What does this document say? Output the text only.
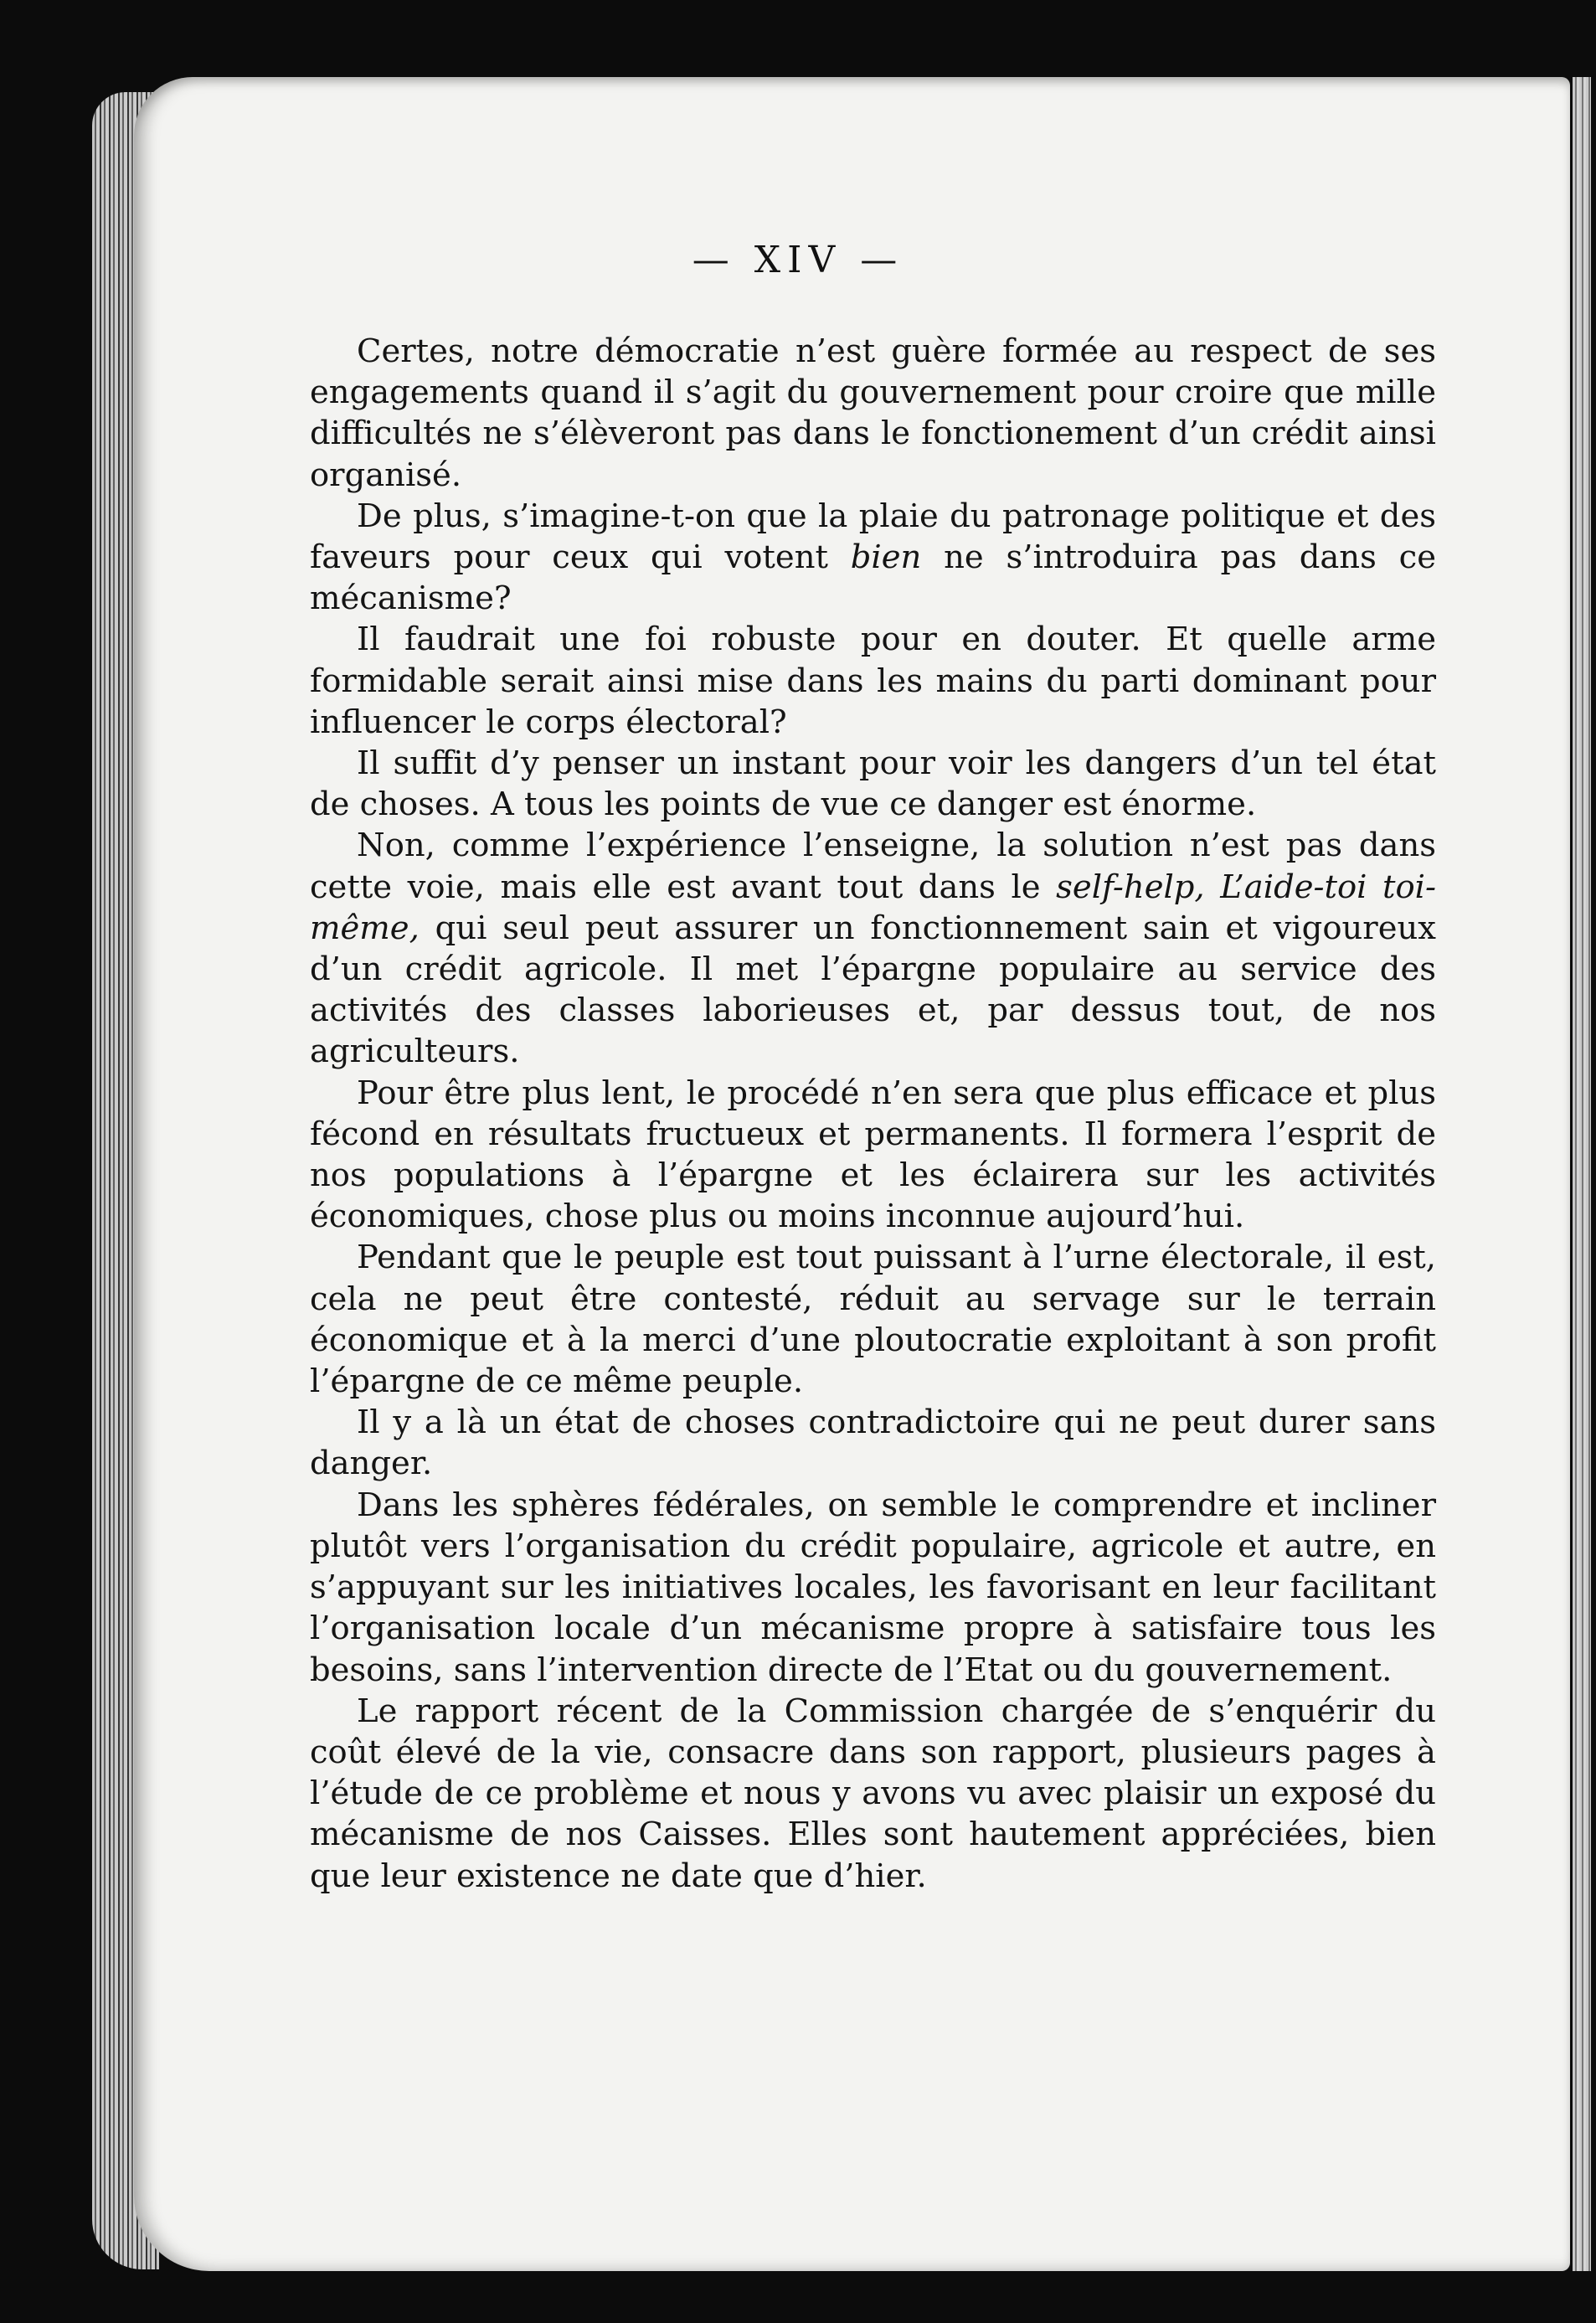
— XIV —

Certes, notre démocratie n’est guère formée au respect de ses engagements quand il s’agit du gouvernement pour croire que mille difficultés ne s’élèveront pas dans le fonctionement d’un crédit ainsi organisé.

De plus, s’imagine-t-on que la plaie du patronage politique et des faveurs pour ceux qui votent bien ne s’introduira pas dans ce mécanisme?

Il faudrait une foi robuste pour en douter. Et quelle arme formidable serait ainsi mise dans les mains du parti dominant pour influencer le corps électoral?

Il suffit d’y penser un instant pour voir les dangers d’un tel état de choses. A tous les points de vue ce danger est énorme.

Non, comme l’expérience l’enseigne, la solution n’est pas dans cette voie, mais elle est avant tout dans le self-help, L’aide-toi toi-même, qui seul peut assurer un fonctionnement sain et vigoureux d’un crédit agricole. Il met l’épargne populaire au service des activités des classes laborieuses et, par dessus tout, de nos agriculteurs.

Pour être plus lent, le procédé n’en sera que plus efficace et plus fécond en résultats fructueux et permanents. Il formera l’esprit de nos populations à l’épargne et les éclairera sur les activités économiques, chose plus ou moins inconnue aujourd’hui.

Pendant que le peuple est tout puissant à l’urne électorale, il est, cela ne peut être contesté, réduit au servage sur le terrain économique et à la merci d’une ploutocratie exploitant à son profit l’épargne de ce même peuple.

Il y a là un état de choses contradictoire qui ne peut durer sans danger.

Dans les sphères fédérales, on semble le comprendre et incliner plutôt vers l’organisation du crédit populaire, agricole et autre, en s’appuyant sur les initiatives locales, les favorisant en leur facilitant l’organisation locale d’un mécanisme propre à satisfaire tous les besoins, sans l’intervention directe de l’Etat ou du gouvernement.

Le rapport récent de la Commission chargée de s’enquérir du coût élevé de la vie, consacre dans son rapport, plusieurs pages à l’étude de ce problème et nous y avons vu avec plaisir un exposé du mécanisme de nos Caisses. Elles sont hautement appréciées, bien que leur existence ne date que d’hier.
